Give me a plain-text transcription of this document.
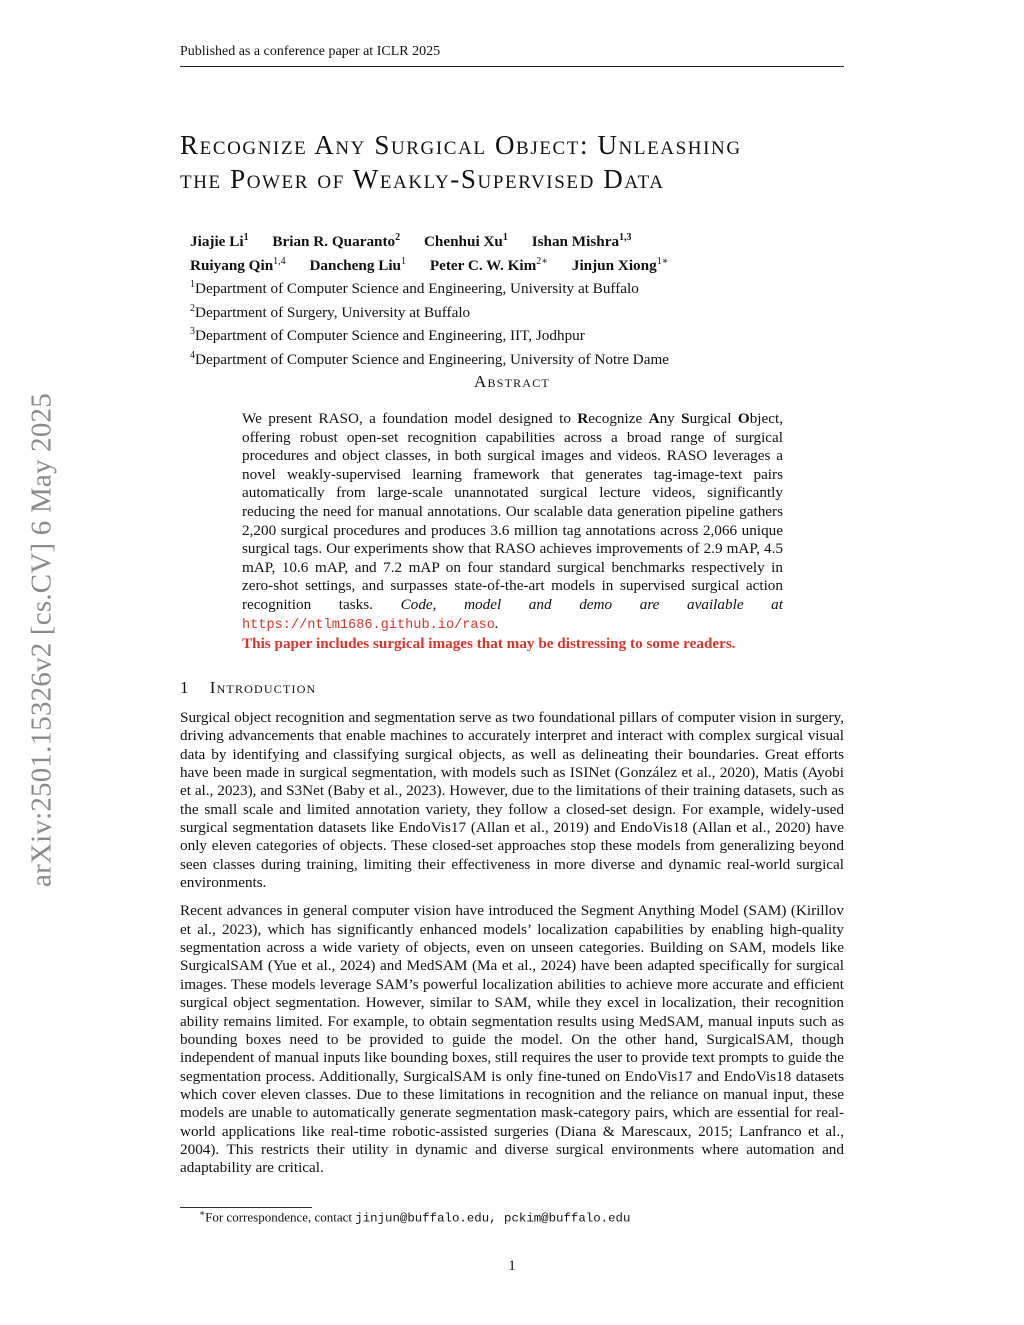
Published as a conference paper at ICLR 2025
arXiv:2501.15326v2 [cs.CV] 6 May 2025
Recognize Any Surgical Object: Unleashing
the Power of Weakly-Supervised Data
Jiajie Li$^1$ Brian R. Quaranto$^2$ Chenhui Xu$^1$ Ishan Mishra$^{1,3}$
Ruiyang Qin$^{1,4}$ Dancheng Liu$^1$ Peter C. W. Kim$^{2∗}$ Jinjun Xiong$^{1∗}$
$^1$Department of Computer Science and Engineering, University at Buffalo
$^2$Department of Surgery, University at Buffalo
$^3$Department of Computer Science and Engineering, IIT, Jodhpur
$^4$Department of Computer Science and Engineering, University of Notre Dame
Abstract

We present RASO, a foundation model designed to Recognize Any Surgical Object, offering robust open-set recognition capabilities across a broad range of surgical procedures and object classes, in both surgical images and videos. RASO leverages a novel weakly-supervised learning framework that generates tag-image-text pairs automatically from large-scale unannotated surgical lecture videos, significantly reducing the need for manual annotations. Our scalable data generation pipeline gathers 2,200 surgical procedures and produces 3.6 million tag annotations across 2,066 unique surgical tags. Our experiments show that RASO achieves improvements of 2.9 mAP, 4.5 mAP, 10.6 mAP, and 7.2 mAP on four standard surgical benchmarks respectively in zero-shot settings, and surpasses state-of-the-art models in supervised surgical action recognition tasks. Code, model and demo are available at https://ntlm1686.github.io/raso.

This paper includes surgical images that may be distressing to some readers.

1 Introduction

Surgical object recognition and segmentation serve as two foundational pillars of computer vision in surgery, driving advancements that enable machines to accurately interpret and interact with complex surgical visual data by identifying and classifying surgical objects, as well as delineating their boundaries. Great efforts have been made in surgical segmentation, with models such as ISINet (González et al., 2020), Matis (Ayobi et al., 2023), and S3Net (Baby et al., 2023). However, due to the limitations of their training datasets, such as the small scale and limited annotation variety, they follow a closed-set design. For example, widely-used surgical segmentation datasets like EndoVis17 (Allan et al., 2019) and EndoVis18 (Allan et al., 2020) have only eleven categories of objects. These closed-set approaches stop these models from generalizing beyond seen classes during training, limiting their effectiveness in more diverse and dynamic real-world surgical environments.

Recent advances in general computer vision have introduced the Segment Anything Model (SAM) (Kirillov et al., 2023), which has significantly enhanced models’ localization capabilities by enabling high-quality segmentation across a wide variety of objects, even on unseen categories. Building on SAM, models like SurgicalSAM (Yue et al., 2024) and MedSAM (Ma et al., 2024) have been adapted specifically for surgical images. These models leverage SAM’s powerful localization abilities to achieve more accurate and efficient surgical object segmentation. However, similar to SAM, while they excel in localization, their recognition ability remains limited. For example, to obtain segmentation results using MedSAM, manual inputs such as bounding boxes need to be provided to guide the model. On the other hand, SurgicalSAM, though independent of manual inputs like bounding boxes, still requires the user to provide text prompts to guide the segmentation process. Additionally, SurgicalSAM is only fine-tuned on EndoVis17 and EndoVis18 datasets which cover eleven classes. Due to these limitations in recognition and the reliance on manual input, these models are unable to automatically generate segmentation mask-category pairs, which are essential for real-world applications like real-time robotic-assisted surgeries (Diana & Marescaux, 2015; Lanfranco et al., 2004). This restricts their utility in dynamic and diverse surgical environments where automation and adaptability are critical.

∗For correspondence, contact jinjun@buffalo.edu, pckim@buffalo.edu
1
